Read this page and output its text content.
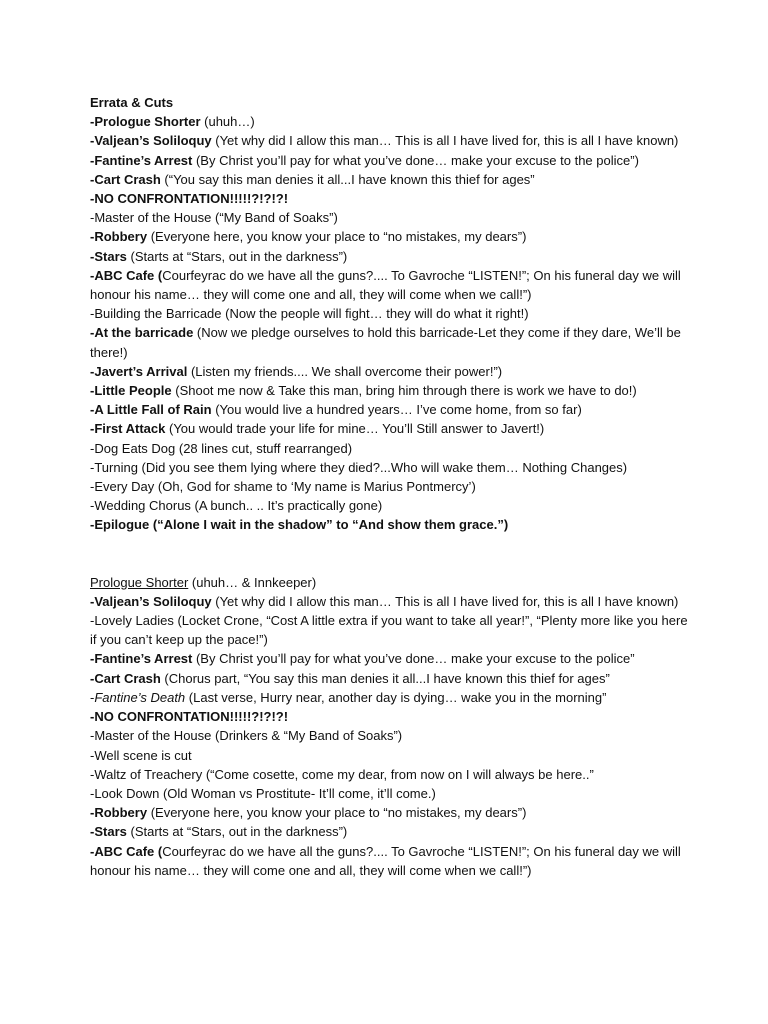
Errata & Cuts
-Prologue Shorter (uhuh…)
-Valjean’s Soliloquy (Yet why did I allow this man… This is all I have lived for, this is all I have known)
-Fantine’s Arrest (By Christ you’ll pay for what you’ve done… make your excuse to the police”)
-Cart Crash (“You say this man denies it all...I have known this thief for ages”
-NO CONFRONTATION!!!!!?!?!?!
-Master of the House (“My Band of Soaks”)
-Robbery (Everyone here, you know your place to “no mistakes, my dears”)
-Stars (Starts at “Stars, out in the darkness”)
-ABC Cafe (Courfeyrac do we have all the guns?.... To Gavroche “LISTEN!”; On his funeral day we will honour his name… they will come one and all, they will come when we call!”)
-Building the Barricade (Now the people will fight… they will do what it right!)
-At the barricade (Now we pledge ourselves to hold this barricade-Let they come if they dare, We’ll be there!)
-Javert’s Arrival (Listen my friends.... We shall overcome their power!”)
-Little People (Shoot me now & Take this man, bring him through there is work we have to do!)
-A Little Fall of Rain (You would live a hundred years… I’ve come home, from so far)
-First Attack (You would trade your life for mine… You’ll Still answer to Javert!)
-Dog Eats Dog (28 lines cut, stuff rearranged)
-Turning (Did you see them lying where they died?...Who will wake them… Nothing Changes)
-Every Day (Oh, God for shame to ‘My name is Marius Pontmercy’)
-Wedding Chorus (A bunch.. .. It’s practically gone)
-Epilogue (“Alone I wait in the shadow” to “And show them grace.”)
Prologue Shorter (uhuh… & Innkeeper)
-Valjean’s Soliloquy (Yet why did I allow this man… This is all I have lived for, this is all I have known)
-Lovely Ladies (Locket Crone, “Cost A little extra if you want to take all year!”, “Plenty more like you here if you can’t keep up the pace!”)
-Fantine’s Arrest (By Christ you’ll pay for what you’ve done… make your excuse to the police”
-Cart Crash (Chorus part, “You say this man denies it all...I have known this thief for ages”
-Fantine’s Death (Last verse, Hurry near, another day is dying… wake you in the morning”
-NO CONFRONTATION!!!!!?!?!?!
-Master of the House (Drinkers & “My Band of Soaks”)
-Well scene is cut
-Waltz of Treachery (“Come cosette, come my dear, from now on I will always be here..”
-Look Down (Old Woman vs Prostitute- It’ll come, it’ll come.)
-Robbery (Everyone here, you know your place to “no mistakes, my dears”)
-Stars (Starts at “Stars, out in the darkness”)
-ABC Cafe (Courfeyrac do we have all the guns?.... To Gavroche “LISTEN!”; On his funeral day we will honour his name… they will come one and all, they will come when we call!”)
